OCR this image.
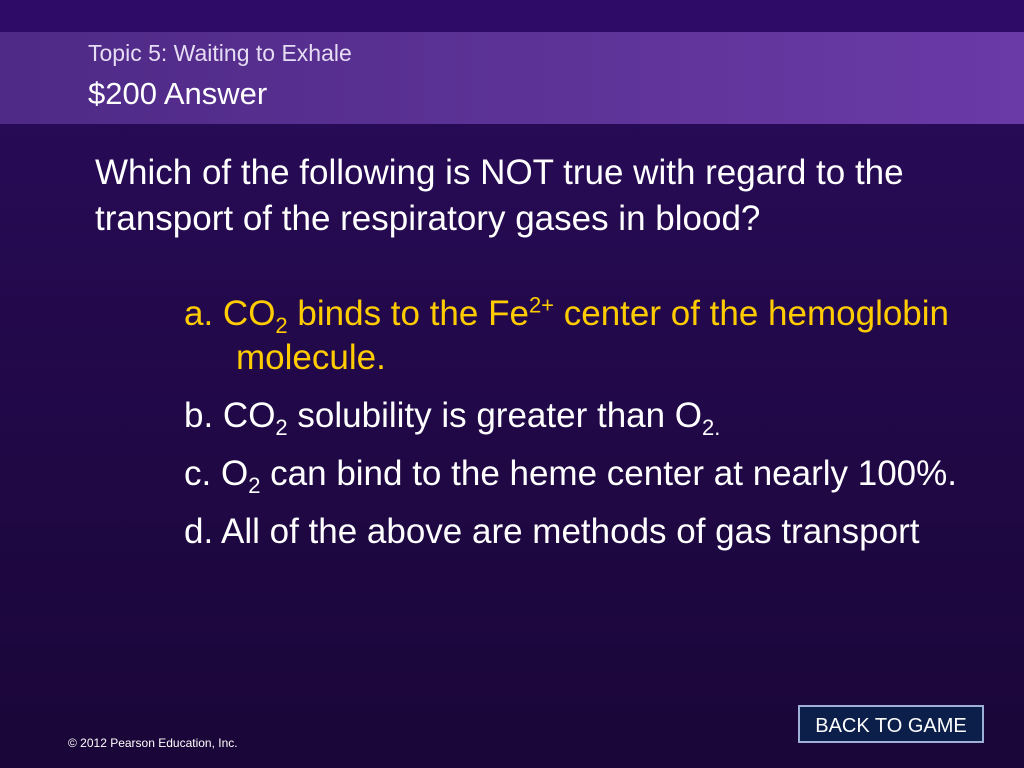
Topic 5: Waiting to Exhale
$200 Answer
Which of the following is NOT true with regard to the transport of the respiratory gases in blood?
a. $CO_2$ binds to the $Fe^{2+}$ center of the hemoglobin molecule.
b. $CO_2$ solubility is greater than $O_{2.}$
c. $O_2$ can bind to the heme center at nearly 100%.
d. All of the above are methods of gas transport
BACK TO GAME
© 2012 Pearson Education, Inc.
